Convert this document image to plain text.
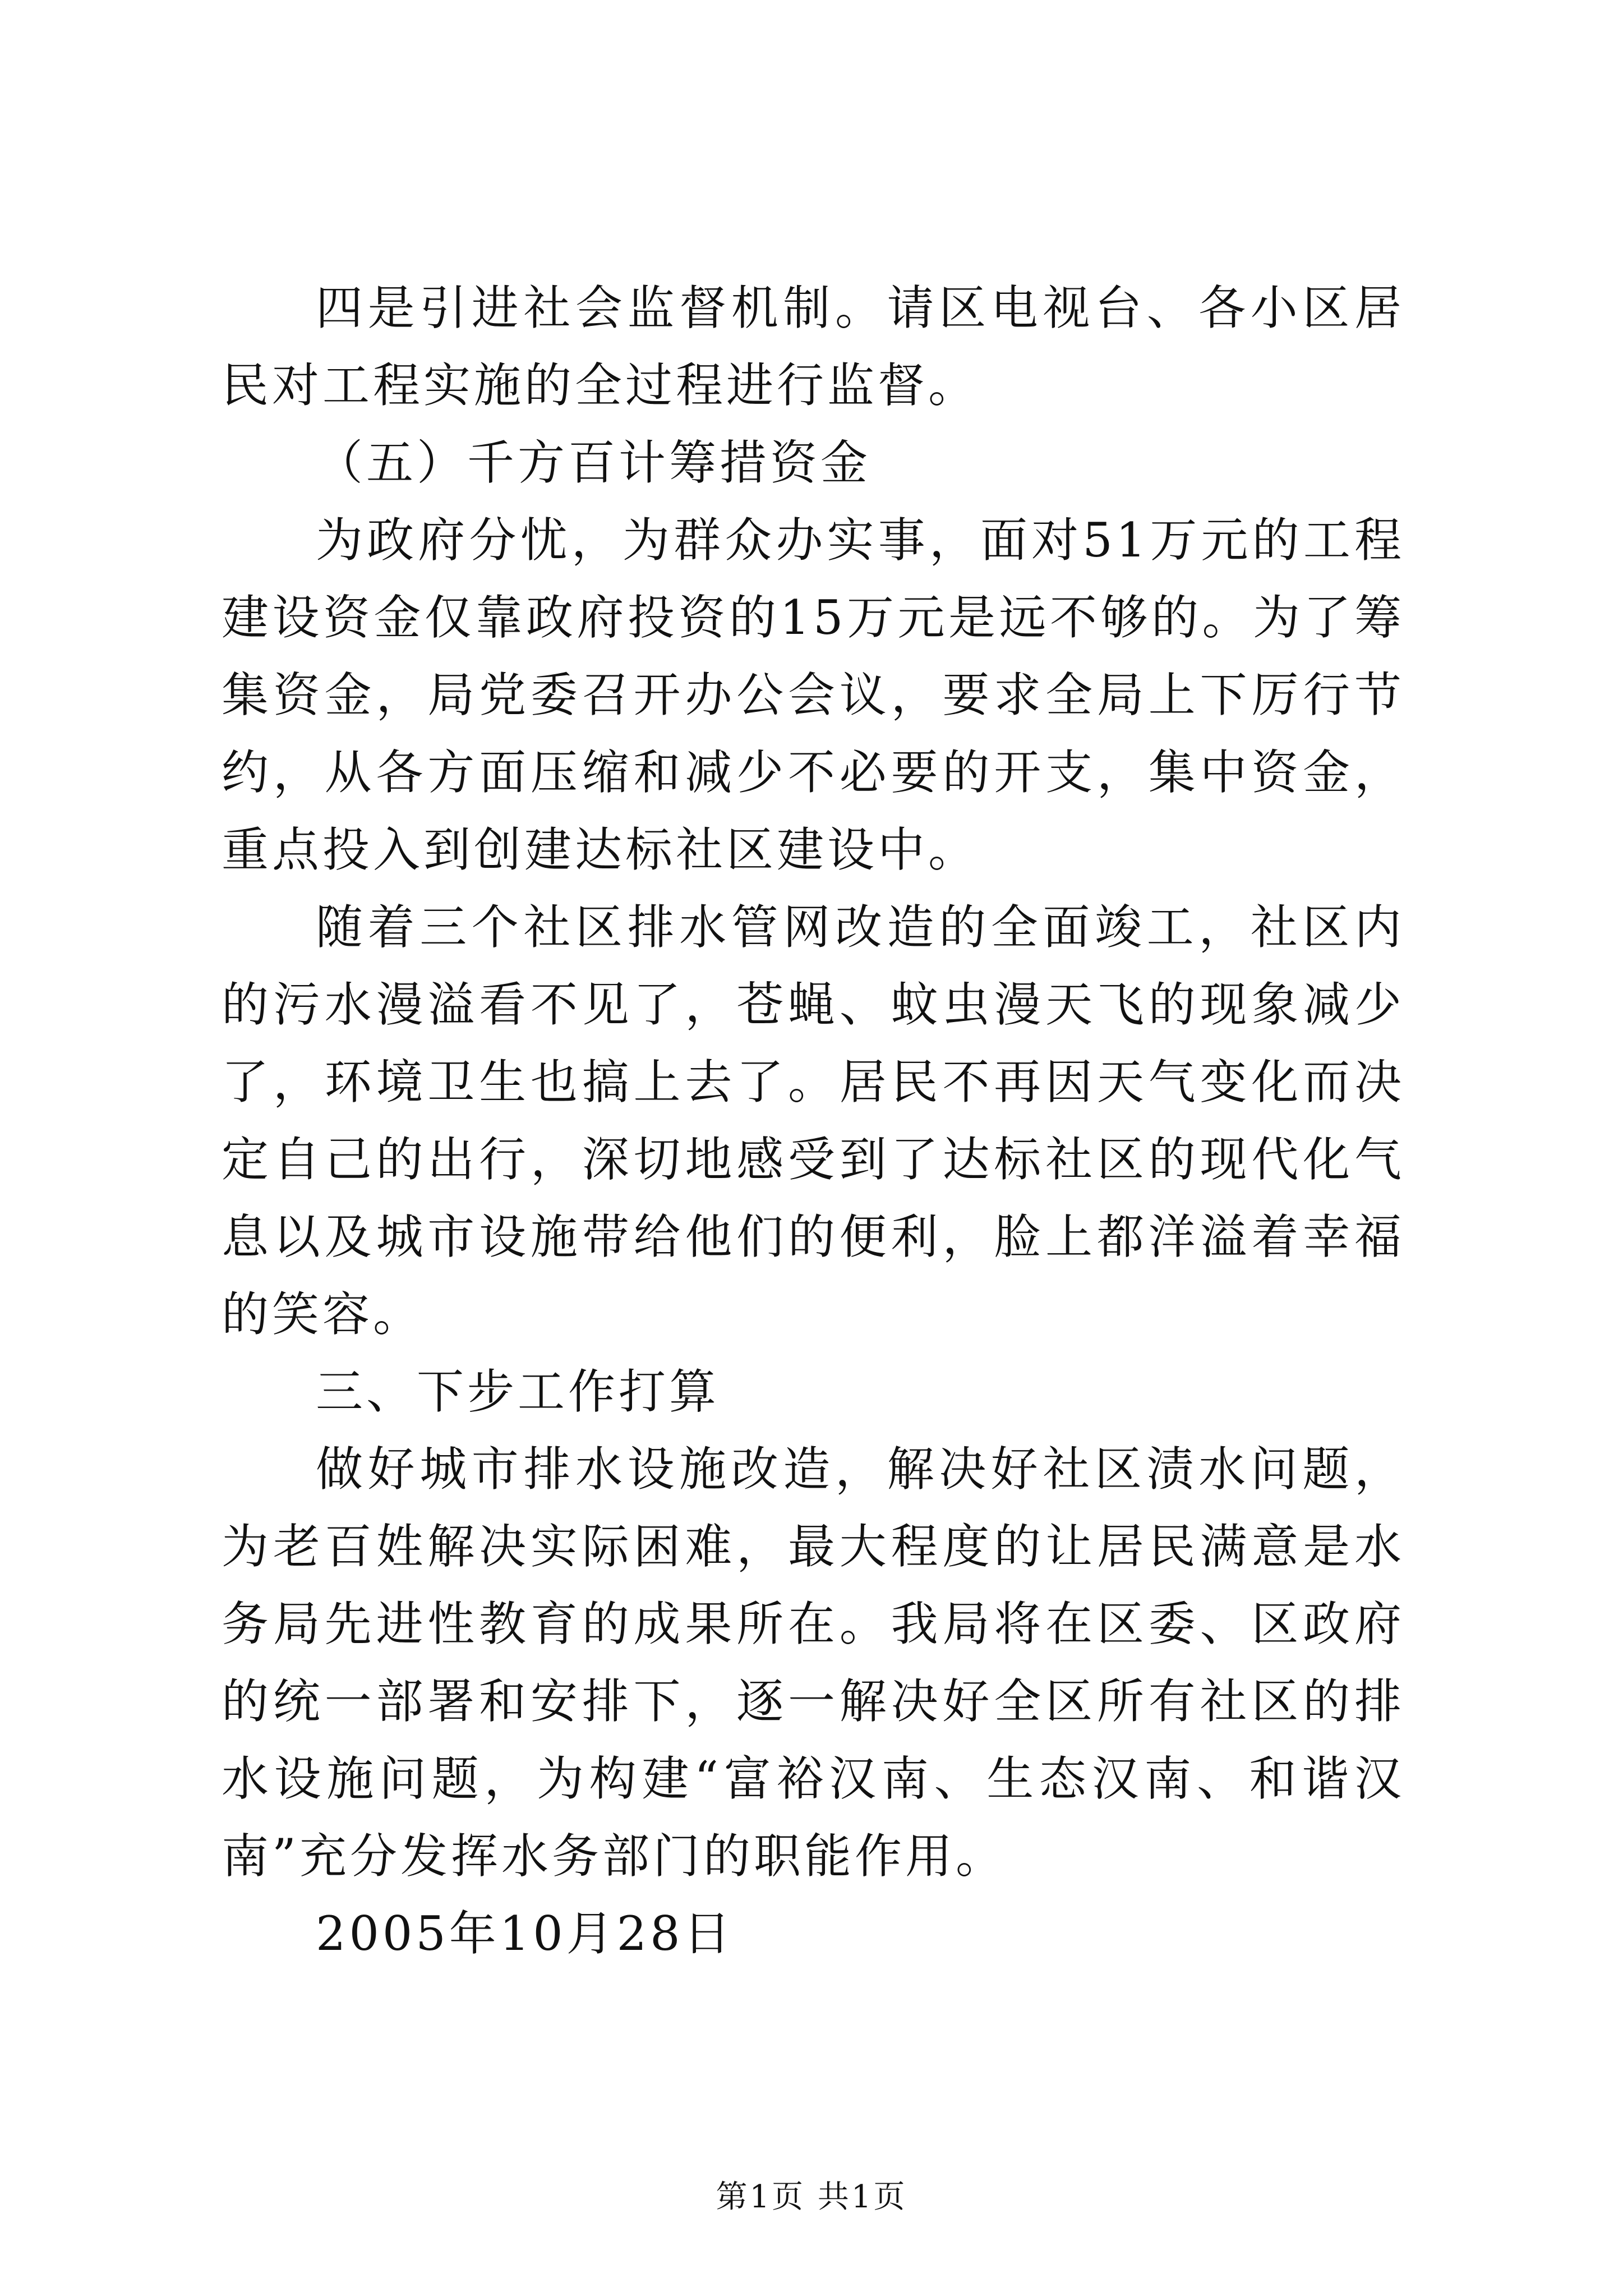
四是引进社会监督机制。请区电视台、各小区居民对工程实施的全过程进行监督。

（五）千方百计筹措资金

为政府分忧，为群众办实事，面对51万元的工程建设资金仅靠政府投资的15万元是远不够的。为了筹集资金，局党委召开办公会议，要求全局上下厉行节约，从各方面压缩和减少不必要的开支，集中资金，重点投入到创建达标社区建设中。

随着三个社区排水管网改造的全面竣工，社区内的污水漫溢看不见了，苍蝇、蚊虫漫天飞的现象减少了，环境卫生也搞上去了。居民不再因天气变化而决定自己的出行，深切地感受到了达标社区的现代化气息以及城市设施带给他们的便利，脸上都洋溢着幸福的笑容。

三、下步工作打算

做好城市排水设施改造，解决好社区渍水问题，为老百姓解决实际困难，最大程度的让居民满意是水务局先进性教育的成果所在。我局将在区委、区政府的统一部署和安排下，逐一解决好全区所有社区的排水设施问题，为构建“富裕汉南、生态汉南、和谐汉南”充分发挥水务部门的职能作用。

2005年10月28日

第1页 共1页
